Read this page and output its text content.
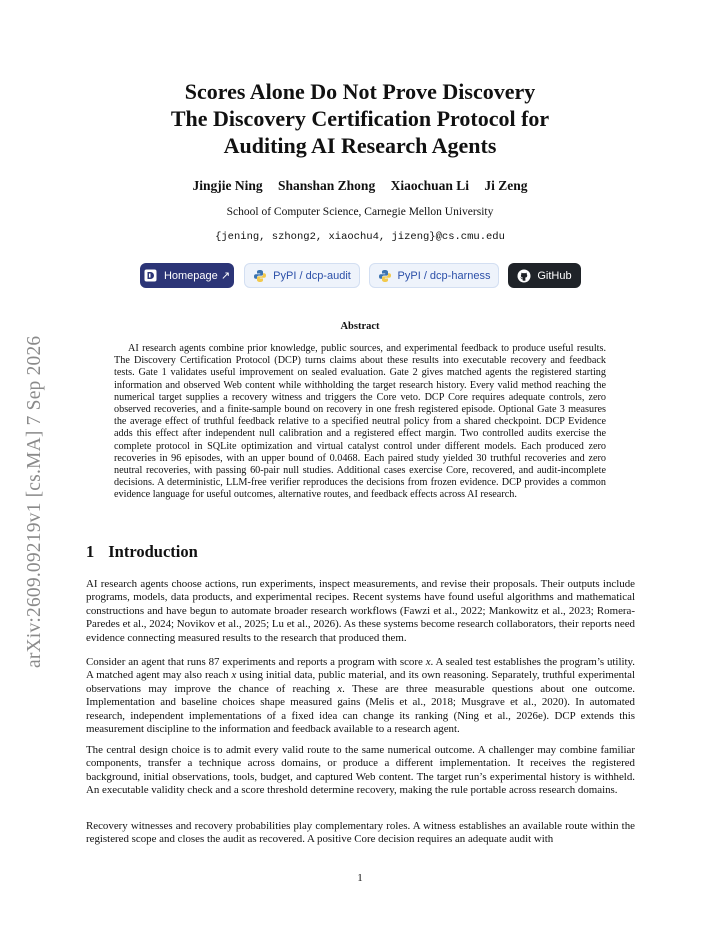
arXiv:2609.09219v1 [cs.MA] 7 Sep 2026
Scores Alone Do Not Prove Discovery
The Discovery Certification Protocol for
Auditing AI Research Agents
Jingjie Ning Shanshan Zhong Xiaochuan Li Ji Zeng
School of Computer Science, Carnegie Mellon University
{jening, szhong2, xiaochu4, jizeng}@cs.cmu.edu
Homepage ↗	PyPI / dcp-audit	PyPI / dcp-harness	GitHub
Abstract

AI research agents combine prior knowledge, public sources, and experimental feedback to produce useful results. The Discovery Certification Protocol (DCP) turns claims about these results into executable recovery and feedback tests. Gate 1 validates useful improvement on sealed evaluation. Gate 2 gives matched agents the registered starting information and observed Web content while withholding the target research history. Every valid method reaching the numerical target supplies a recovery witness and triggers the Core veto. DCP Core requires adequate controls, zero observed recoveries, and a finite-sample bound on recovery in one fresh registered episode. Optional Gate 3 measures the average effect of truthful feedback relative to a specified neutral policy from a shared checkpoint. DCP Evidence adds this effect after independent null calibration and a registered effect margin. Two controlled audits exercise the complete protocol in SQLite optimization and virtual catalyst control under different models. Each produced zero recoveries in 96 episodes, with an upper bound of 0.0468. Each paired study yielded 30 truthful recoveries and zero neutral recoveries, with passing 60-pair null studies. Additional cases exercise Core, recovered, and audit-incomplete decisions. A deterministic, LLM-free verifier reproduces the decisions from frozen evidence. DCP provides a common evidence language for useful outcomes, alternative routes, and feedback effects across AI research.

1 Introduction

AI research agents choose actions, run experiments, inspect measurements, and revise their proposals. Their outputs include programs, models, data products, and experimental recipes. Recent systems have found useful algorithms and mathematical constructions and have begun to automate broader research workflows (Fawzi et al., 2022; Mankowitz et al., 2023; Romera-Paredes et al., 2024; Novikov et al., 2025; Lu et al., 2026). As these systems become research collaborators, their reports need evidence connecting measured results to the research that produced them.

Consider an agent that runs 87 experiments and reports a program with score x. A sealed test establishes the program’s utility. A matched agent may also reach x using initial data, public material, and its own reasoning. Separately, truthful experimental observations may improve the chance of reaching x. These are three measurable questions about one outcome. Implementation and baseline choices shape measured gains (Melis et al., 2018; Musgrave et al., 2020). In automated research, independent implementations of a fixed idea can change its ranking (Ning et al., 2026e). DCP extends this measurement discipline to the information and feedback available to a research agent.

The central design choice is to admit every valid route to the same numerical outcome. A challenger may combine familiar components, transfer a technique across domains, or produce a different implementation. It receives the registered background, initial observations, tools, budget, and captured Web content. The target run’s experimental history is withheld. An executable validity check and a score threshold determine recovery, making the rule portable across research domains.

Recovery witnesses and recovery probabilities play complementary roles. A witness establishes an available route within the registered scope and closes the audit as recovered. A positive Core decision requires an adequate audit with

1
